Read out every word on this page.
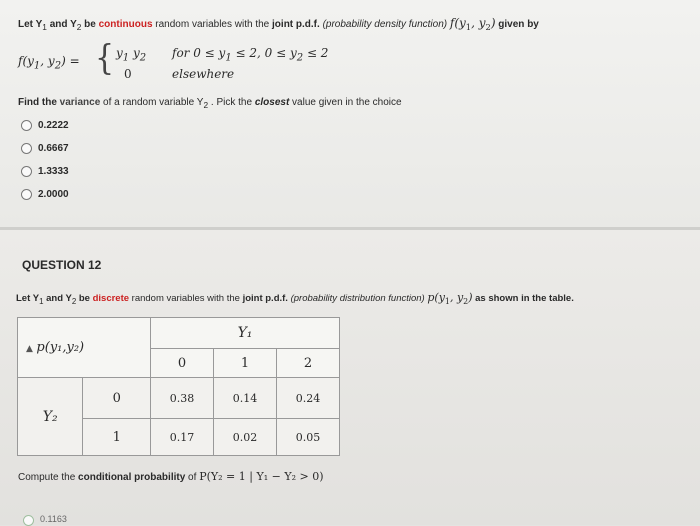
Let $Y_1$ and $Y_2$ be continuous random variables with the joint p.d.f. (probability density function) $f(y_1$, $y_2$) given by
$f(y_1$, $y_2$) = { $y_1$ $y_2$ for $0 \le y_1 \le 2$, $0 \le y_2 \le 2$
0	elsewhere
Find the variance of a random variable $Y_2$ . Pick the closest value given in the choice
0.2222
0.6667
1.3333
2.0000
QUESTION 12
Let $Y_1$ and $Y_2$ be discrete random variables with the joint p.d.f. (probability distribution function) $p(y_1$, $y_2$) as shown in the table.
▲ p(y₁,y₂)		Y₁		
		0	1	2
Y₂	0	0.38	0.14	0.24
	1	0.17	0.02	0.05
Compute the conditional probability of P(Y₂ = 1 | Y₁ − Y₂ > 0)
0.1163
